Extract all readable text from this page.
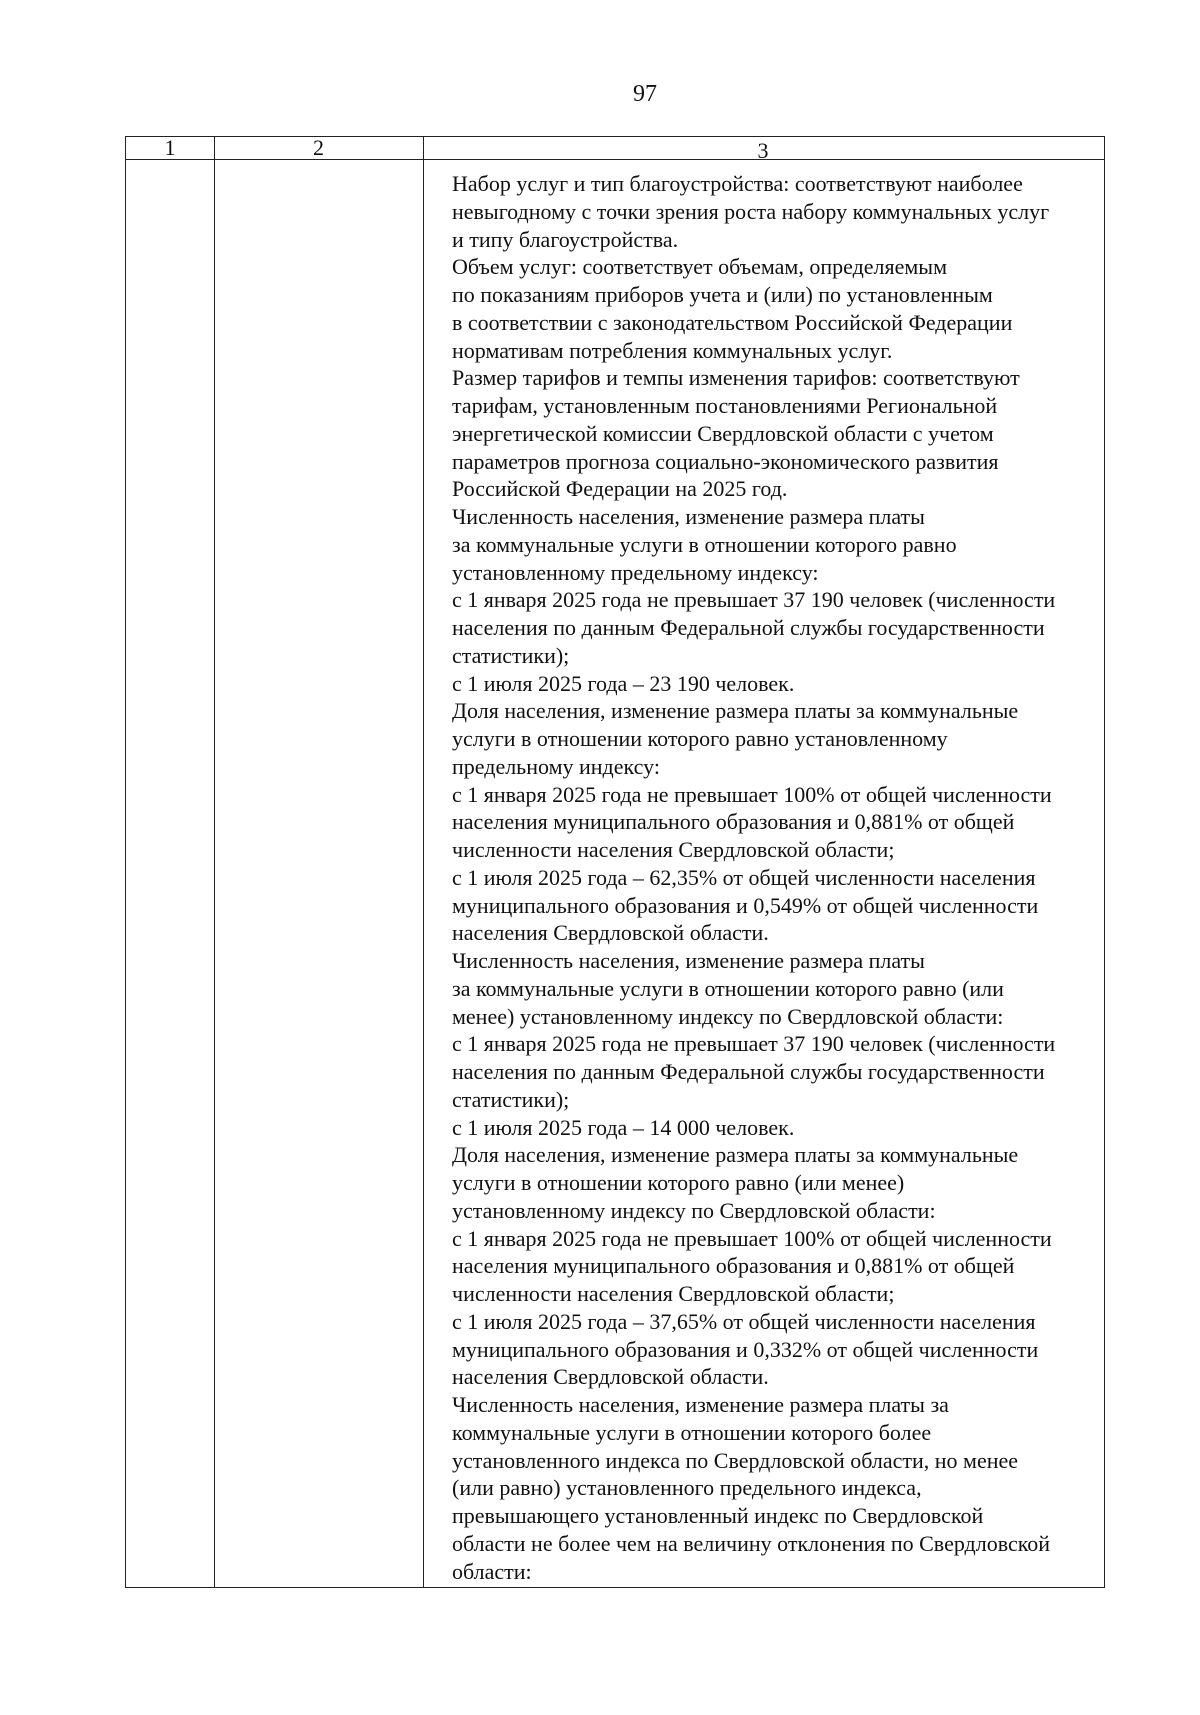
97
1	2	3
Набор услуг и тип благоустройства: соответствуют наиболее
невыгодному с точки зрения роста набору коммунальных услуг
и типу благоустройства.
Объем услуг: соответствует объемам, определяемым
по показаниям приборов учета и (или) по установленным
в соответствии с законодательством Российской Федерации
нормативам потребления коммунальных услуг.
Размер тарифов и темпы изменения тарифов: соответствуют
тарифам, установленным постановлениями Региональной
энергетической комиссии Свердловской области с учетом
параметров прогноза социально-экономического развития
Российской Федерации на 2025 год.
Численность населения, изменение размера платы
за коммунальные услуги в отношении которого равно
установленному предельному индексу:
с 1 января 2025 года не превышает 37 190 человек (численности
населения по данным Федеральной службы государственности
статистики);
с 1 июля 2025 года – 23 190 человек.
Доля населения, изменение размера платы за коммунальные
услуги в отношении которого равно установленному
предельному индексу:
с 1 января 2025 года не превышает 100% от общей численности
населения муниципального образования и 0,881% от общей
численности населения Свердловской области;
с 1 июля 2025 года – 62,35% от общей численности населения
муниципального образования и 0,549% от общей численности
населения Свердловской области.
Численность населения, изменение размера платы
за коммунальные услуги в отношении которого равно (или
менее) установленному индексу по Свердловской области:
с 1 января 2025 года не превышает 37 190 человек (численности
населения по данным Федеральной службы государственности
статистики);
с 1 июля 2025 года – 14 000 человек.
Доля населения, изменение размера платы за коммунальные
услуги в отношении которого равно (или менее)
установленному индексу по Свердловской области:
с 1 января 2025 года не превышает 100% от общей численности
населения муниципального образования и 0,881% от общей
численности населения Свердловской области;
с 1 июля 2025 года – 37,65% от общей численности населения
муниципального образования и 0,332% от общей численности
населения Свердловской области.
Численность населения, изменение размера платы за
коммунальные услуги в отношении которого более
установленного индекса по Свердловской области, но менее
(или равно) установленного предельного индекса,
превышающего установленный индекс по Свердловской
области не более чем на величину отклонения по Свердловской
области:
